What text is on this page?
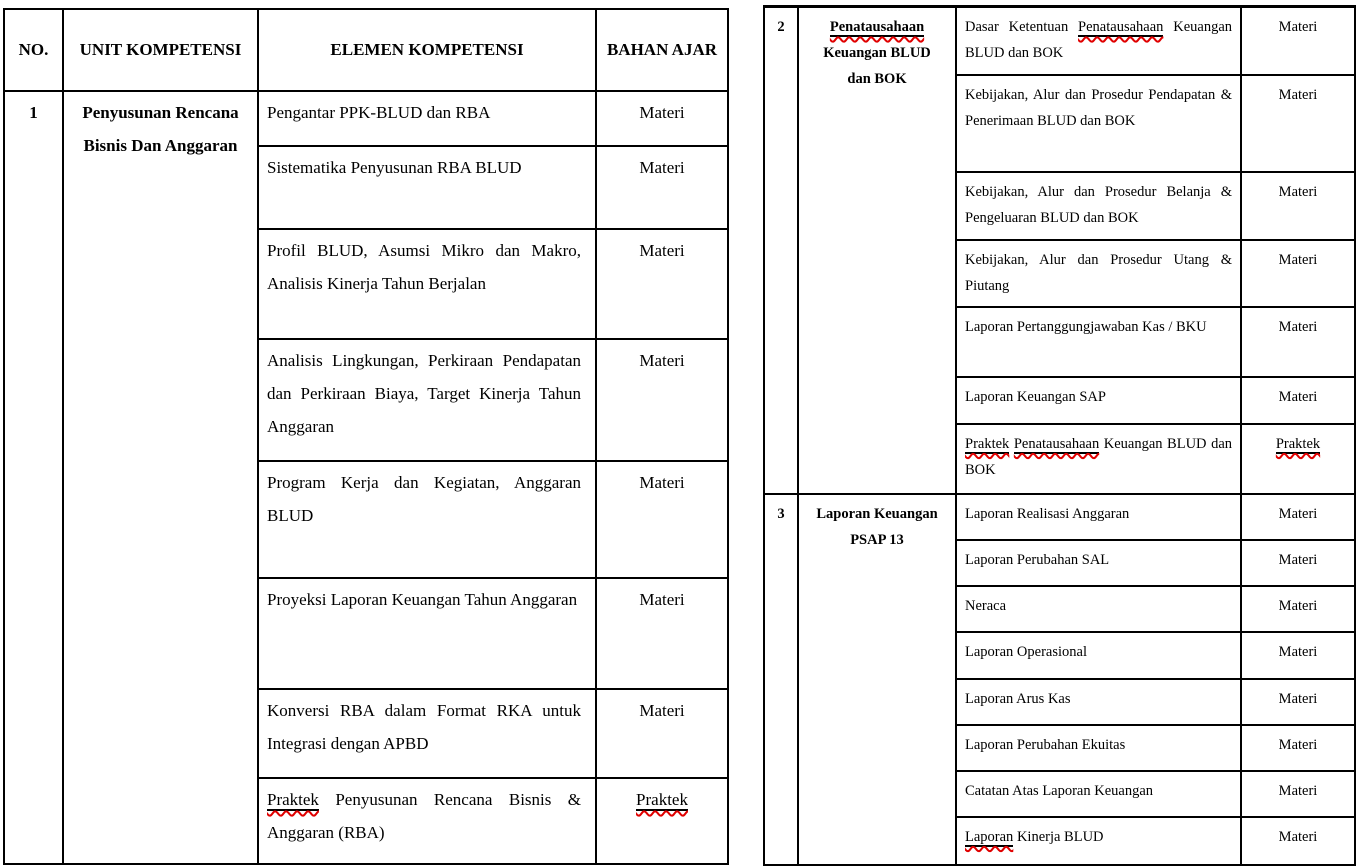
NO.	UNIT KOMPETENSI	ELEMEN KOMPETENSI	BAHAN AJAR
1	Penyusunan Rencana Bisnis Dan Anggaran	Pengantar PPK-BLUD dan RBA	Materi
		Sistematika Penyusunan RBA BLUD	Materi
		Profil BLUD, Asumsi Mikro dan Makro, Analisis Kinerja Tahun Berjalan	Materi
		Analisis Lingkungan, Perkiraan Pendapatan dan Perkiraan Biaya, Target Kinerja Tahun Anggaran	Materi
		Program Kerja dan Kegiatan, Anggaran BLUD	Materi
		Proyeksi Laporan Keuangan Tahun Anggaran	Materi
		Konversi RBA dalam Format RKA untuk Integrasi dengan APBD	Materi
		Praktek Penyusunan Rencana Bisnis & Anggaran (RBA)	Praktek
2	Penatausahaan Keuangan BLUD dan BOK	Dasar Ketentuan Penatausahaan Keuangan BLUD dan BOK	Materi
		Kebijakan, Alur dan Prosedur Pendapatan & Penerimaan BLUD dan BOK	Materi
		Kebijakan, Alur dan Prosedur Belanja & Pengeluaran BLUD dan BOK	Materi
		Kebijakan, Alur dan Prosedur Utang & Piutang	Materi
		Laporan Pertanggungjawaban Kas / BKU	Materi
		Laporan Keuangan SAP	Materi
		Praktek Penatausahaan Keuangan BLUD dan BOK	Praktek
3	Laporan Keuangan PSAP 13	Laporan Realisasi Anggaran	Materi
		Laporan Perubahan SAL	Materi
		Neraca	Materi
		Laporan Operasional	Materi
		Laporan Arus Kas	Materi
		Laporan Perubahan Ekuitas	Materi
		Catatan Atas Laporan Keuangan	Materi
		Laporan Kinerja BLUD	Materi
